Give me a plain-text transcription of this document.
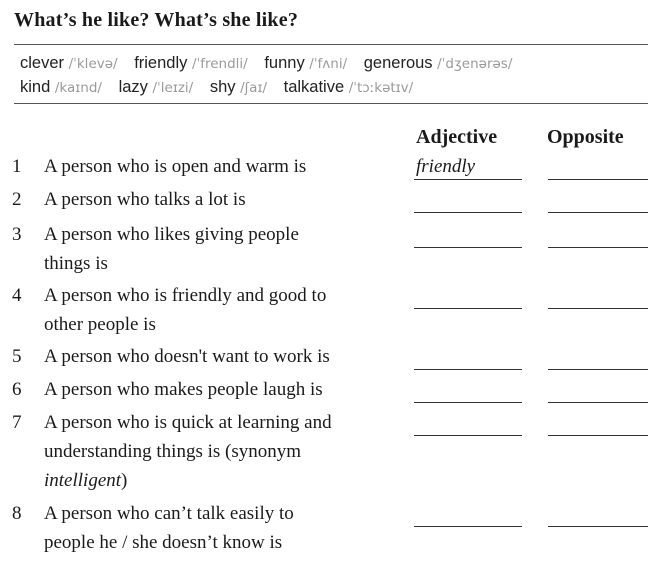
What’s he like? What’s she like?
clever /ˈklevə/ friendly /ˈfrendli/ funny /ˈfʌni/ generous /ˈdʒenərəs/
kind /kaɪnd/ lazy /ˈleɪzi/ shy /ʃaɪ/ talkative /ˈtɔːkətɪv/
Adjective Opposite
1 A person who is open and warm is	friendly
2 A person who talks a lot is
3 A person who likes giving people
things is
4 A person who is friendly and good to
other people is
5 A person who doesn't want to work is
6 A person who makes people laugh is
7 A person who is quick at learning and
understanding things is (synonym
intelligent)
8 A person who can’t talk easily to
people he / she doesn’t know is
